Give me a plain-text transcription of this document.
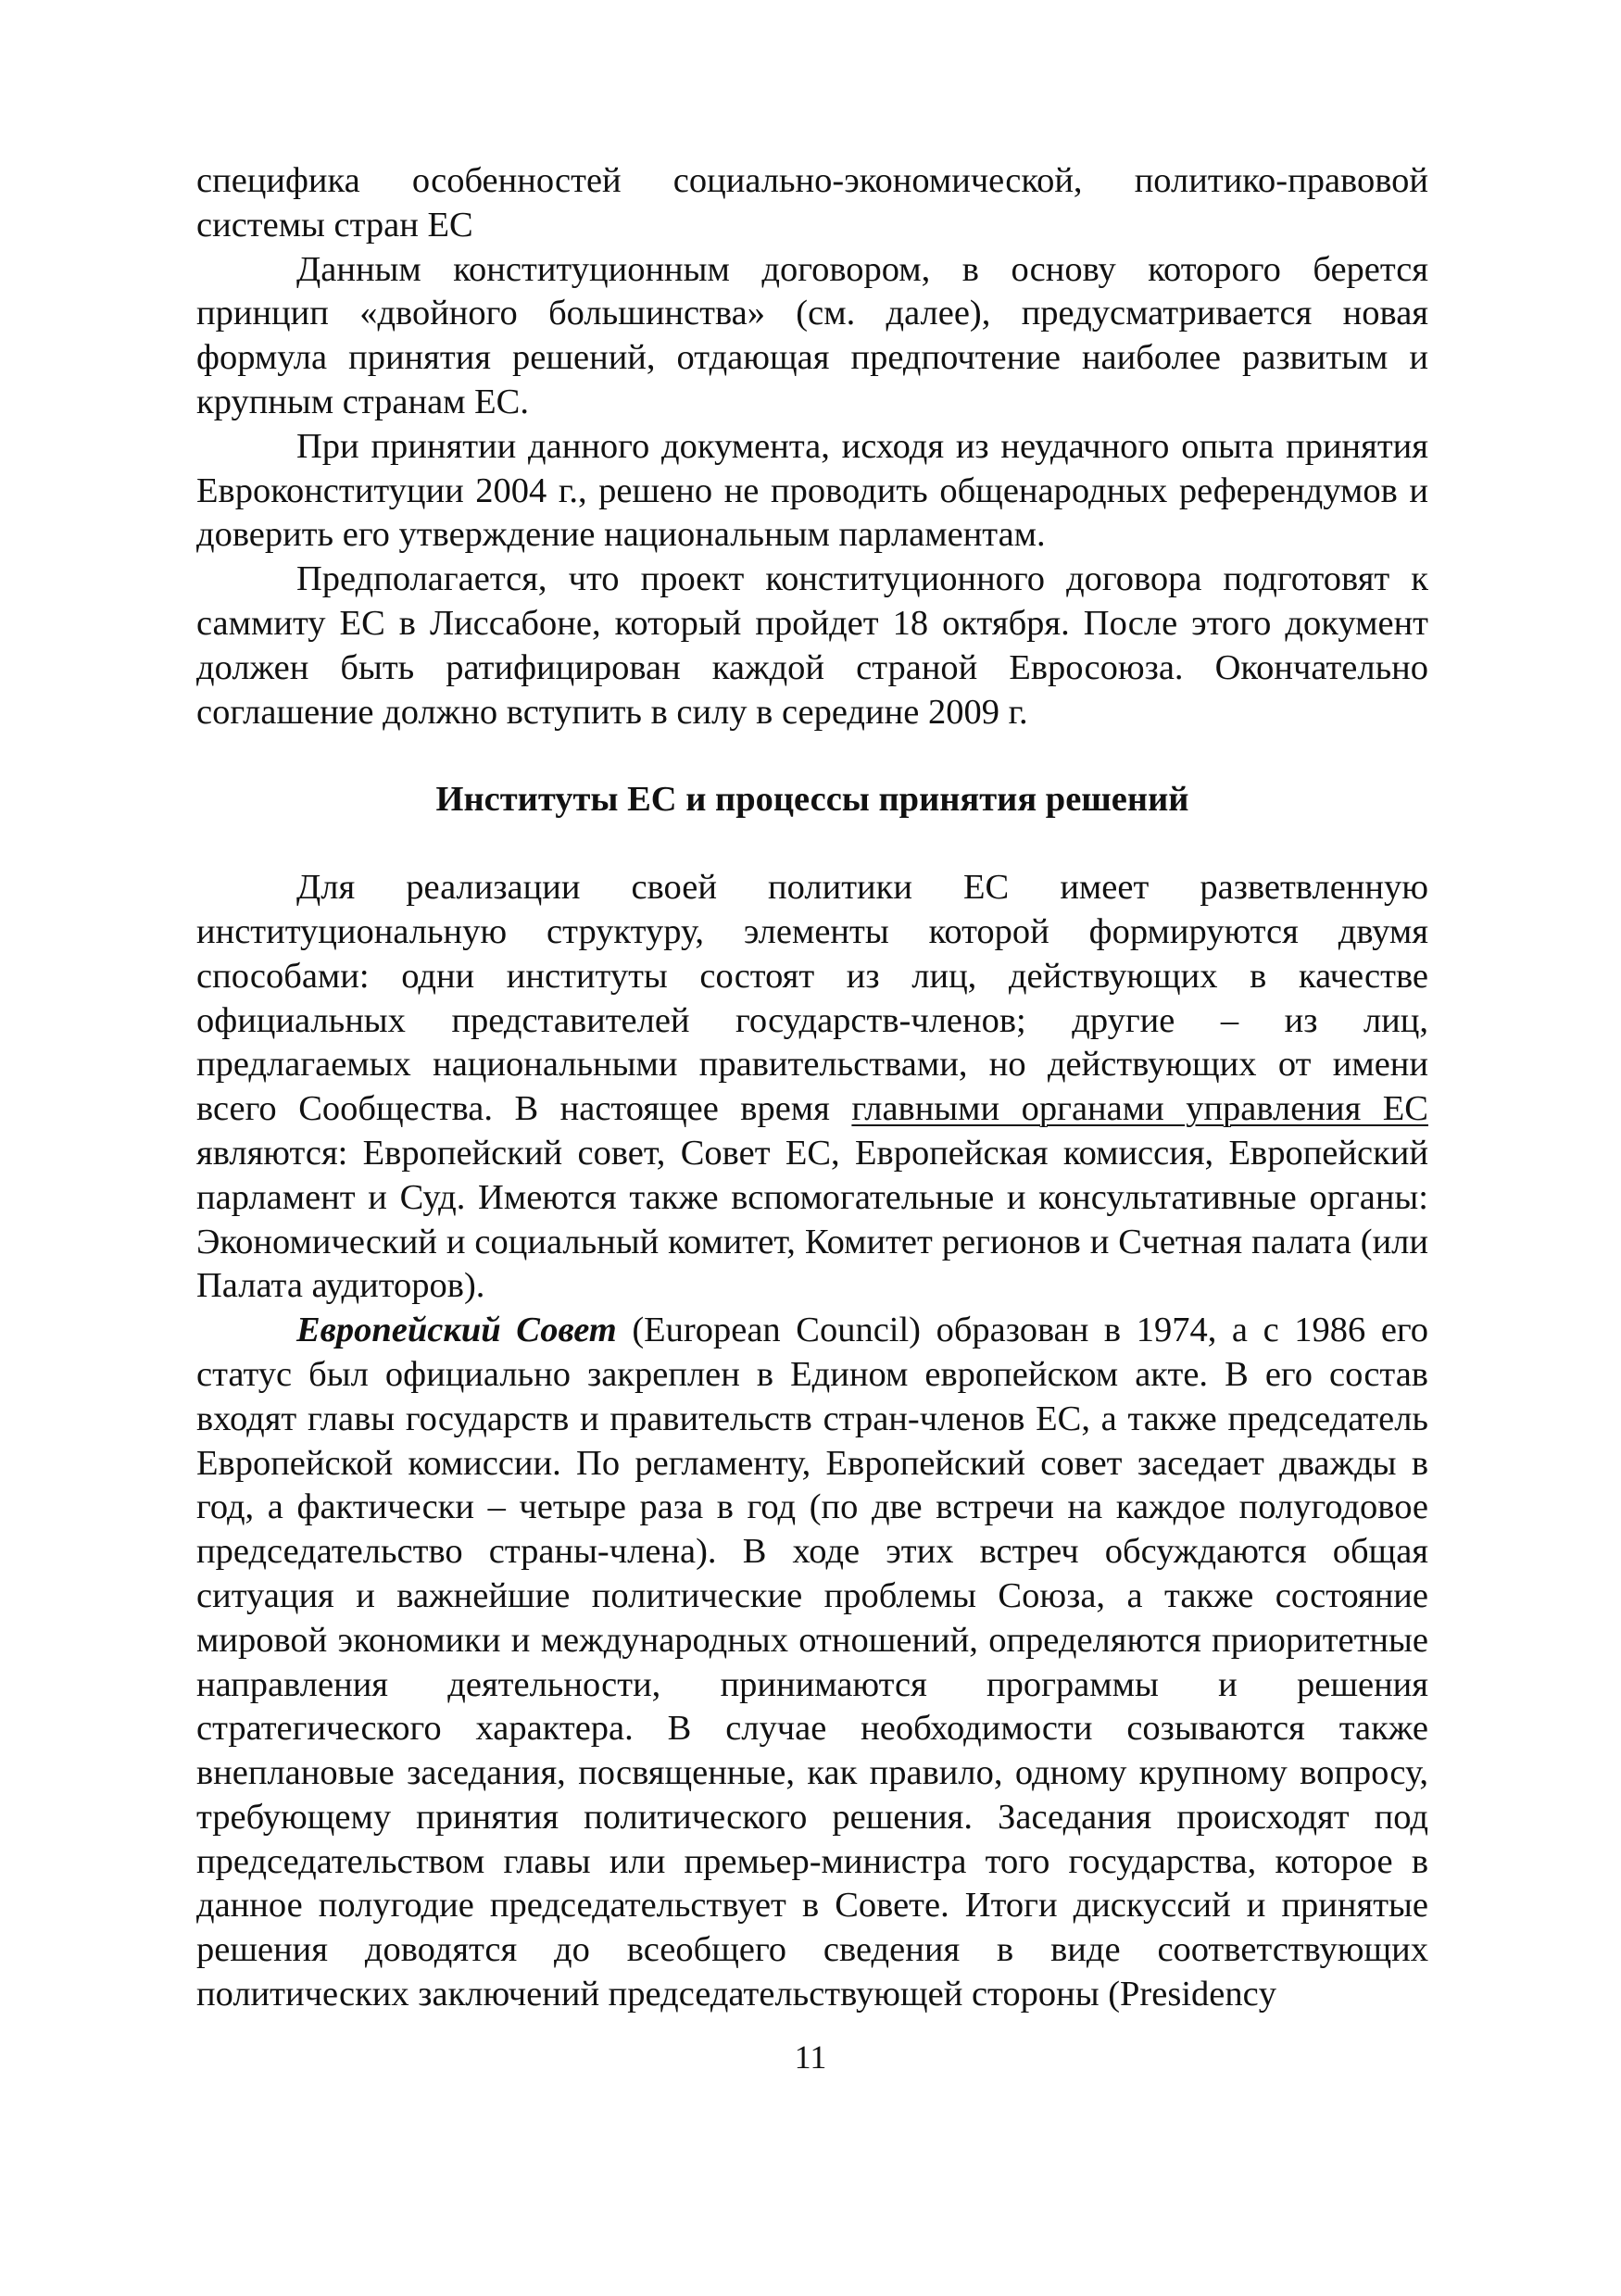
специфика особенностей социально-экономической, политико-правовой системы стран ЕС

Данным конституционным договором, в основу которого берется принцип «двойного большинства» (см. далее), предусматривается новая формула принятия решений, отдающая предпочтение наиболее развитым и крупным странам ЕС.

При принятии данного документа, исходя из неудачного опыта принятия Евроконституции 2004 г., решено не проводить общенародных референдумов и доверить его утверждение национальным парламентам.

Предполагается, что проект конституционного договора подготовят к саммиту ЕС в Лиссабоне, который пройдет 18 октября. После этого документ должен быть ратифицирован каждой страной Евросоюза. Окончательно соглашение должно вступить в силу в середине 2009 г.

Институты ЕС и процессы принятия решений

Для реализации своей политики ЕС имеет разветвленную институциональную структуру, элементы которой формируются двумя способами: одни институты состоят из лиц, действующих в качестве официальных представителей государств-членов; другие – из лиц, предлагаемых национальными правительствами, но действующих от имени всего Сообщества. В настоящее время главными органами управления ЕС являются: Европейский совет, Совет ЕС, Европейская комиссия, Европейский парламент и Суд. Имеются также вспомогательные и консультативные органы: Экономический и социальный комитет, Комитет регионов и Счетная палата (или Палата аудиторов).

Европейский Совет (European Council) образован в 1974, а с 1986 его статус был официально закреплен в Едином европейском акте. В его состав входят главы государств и правительств стран-членов ЕС, а также председатель Европейской комиссии. По регламенту, Европейский совет заседает дважды в год, а фактически – четыре раза в год (по две встречи на каждое полугодовое председательство страны-члена). В ходе этих встреч обсуждаются общая ситуация и важнейшие политические проблемы Союза, а также состояние мировой экономики и международных отношений, определяются приоритетные направления деятельности, принимаются программы и решения стратегического характера. В случае необходимости созываются также внеплановые заседания, посвященные, как правило, одному крупному вопросу, требующему принятия политического решения. Заседания происходят под председательством главы или премьер-министра того государства, которое в данное полугодие председательствует в Совете. Итоги дискуссий и принятые решения доводятся до всеобщего сведения в виде соответствующих политических заключений председательствующей стороны (Presidency

11
